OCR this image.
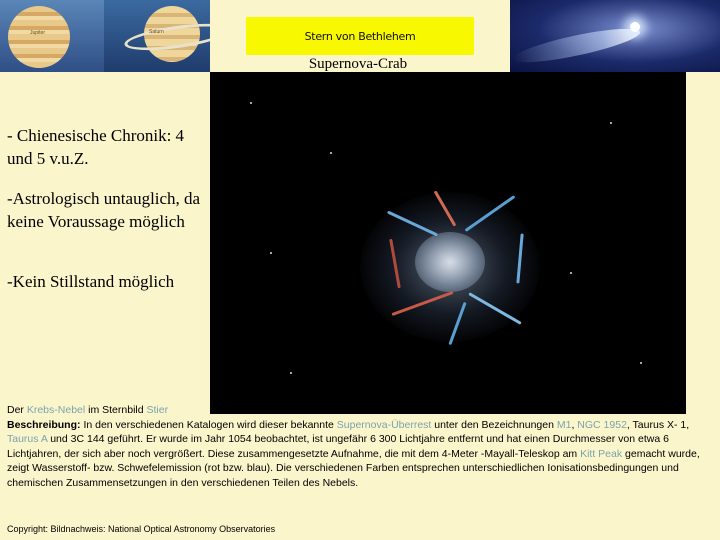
Jupiter	Saturn	Stern von Bethlehem
Supernova-Crab
- Chienesische Chronik: 4 und 5 v.u.Z.
-Astrologisch untauglich, da keine Voraussage möglich
-Kein Stillstand möglich
Der Krebs-Nebel im Sternbild Stier
Beschreibung: In den verschiedenen Katalogen wird dieser bekannte Supernova-Überrest unter den Bezeichnungen M1, NGC 1952, Taurus X- 1, Taurus A und 3C 144 geführt. Er wurde im Jahr 1054 beobachtet, ist ungefähr 6 300 Lichtjahre entfernt und hat einen Durchmesser von etwa 6 Lichtjahren, der sich aber noch vergrößert. Diese zusammengesetzte Aufnahme, die mit dem 4-Meter -Mayall-Teleskop am Kitt Peak gemacht wurde, zeigt Wasserstoff- bzw. Schwefelemission (rot bzw. blau). Die verschiedenen Farben entsprechen unterschiedlichen Ionisationsbedingungen und chemischen Zusammensetzungen in den verschiedenen Teilen des Nebels.
Copyright: Bildnachweis: National Optical Astronomy Observatories
